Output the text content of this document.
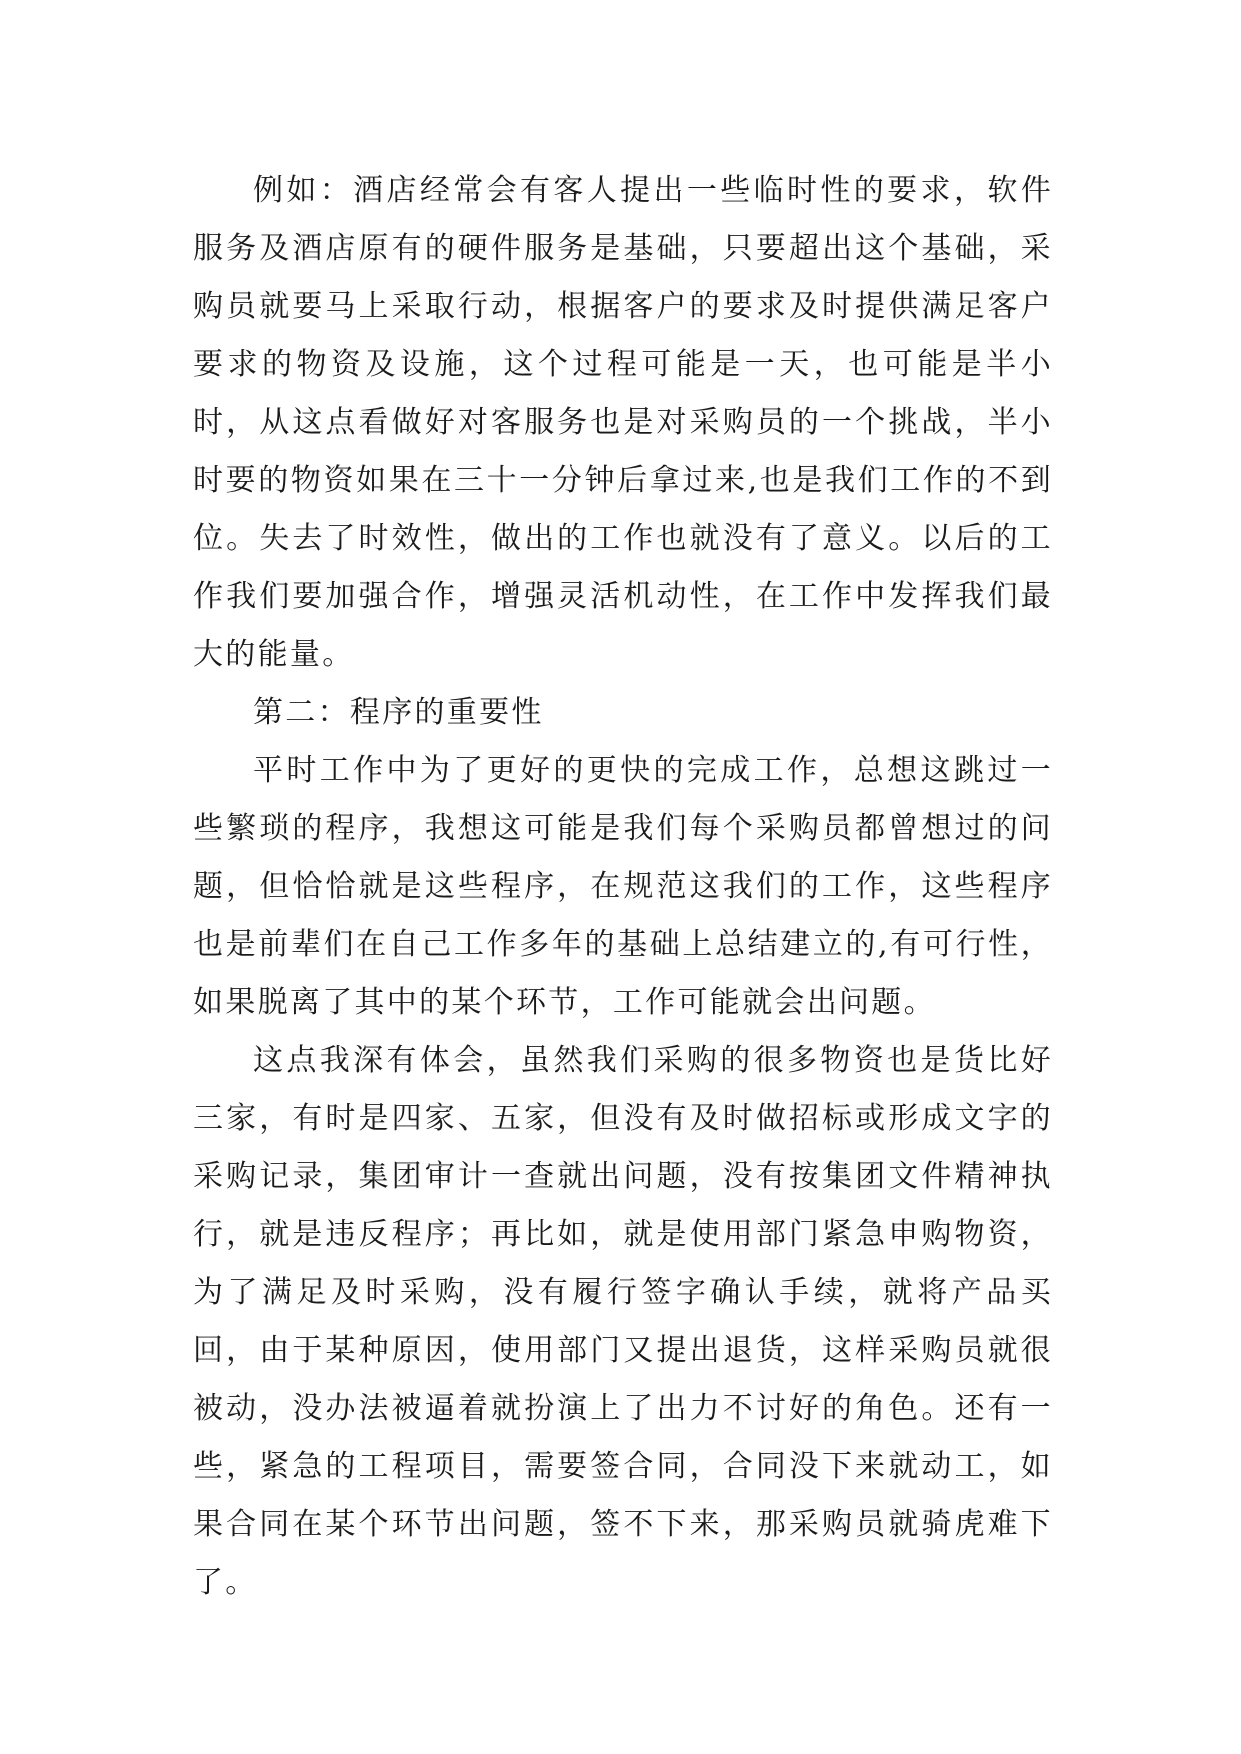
例如：酒店经常会有客人提出一些临时性的要求，软件服务及酒店原有的硬件服务是基础，只要超出这个基础，采购员就要马上采取行动，根据客户的要求及时提供满足客户要求的物资及设施，这个过程可能是一天，也可能是半小时，从这点看做好对客服务也是对采购员的一个挑战，半小时要的物资如果在三十一分钟后拿过来,也是我们工作的不到位。失去了时效性，做出的工作也就没有了意义。以后的工作我们要加强合作，增强灵活机动性，在工作中发挥我们最大的能量。

第二：程序的重要性

平时工作中为了更好的更快的完成工作，总想这跳过一些繁琐的程序，我想这可能是我们每个采购员都曾想过的问题，但恰恰就是这些程序，在规范这我们的工作，这些程序也是前辈们在自己工作多年的基础上总结建立的,有可行性，如果脱离了其中的某个环节，工作可能就会出问题。

这点我深有体会，虽然我们采购的很多物资也是货比好三家，有时是四家、五家，但没有及时做招标或形成文字的采购记录，集团审计一查就出问题，没有按集团文件精神执行，就是违反程序；再比如，就是使用部门紧急申购物资，为了满足及时采购，没有履行签字确认手续，就将产品买回，由于某种原因，使用部门又提出退货，这样采购员就很被动，没办法被逼着就扮演上了出力不讨好的角色。还有一些，紧急的工程项目，需要签合同，合同没下来就动工，如果合同在某个环节出问题，签不下来，那采购员就骑虎难下了。
